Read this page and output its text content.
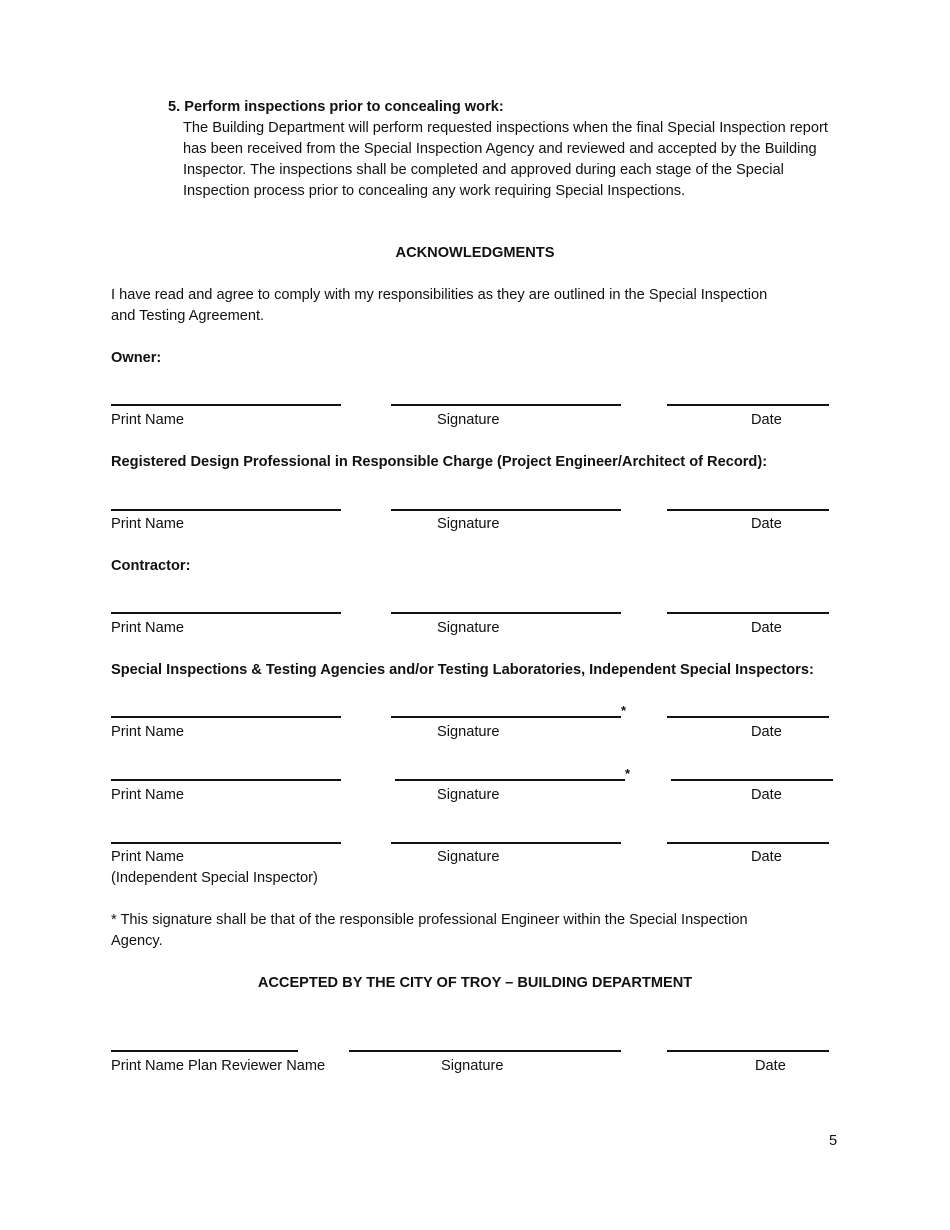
5. Perform inspections prior to concealing work:
The Building Department will perform requested inspections when the final Special Inspection report has been received from the Special Inspection Agency and reviewed and accepted by the Building Inspector. The inspections shall be completed and approved during each stage of the Special Inspection process prior to concealing any work requiring Special Inspections.
ACKNOWLEDGMENTS
I have read and agree to comply with my responsibilities as they are outlined in the Special Inspection
and Testing Agreement.
Owner:
Print Name	Signature	Date
Registered Design Professional in Responsible Charge (Project Engineer/Architect of Record):
Print Name	Signature	Date
Contractor:
Print Name	Signature	Date
Special Inspections & Testing Agencies and/or Testing Laboratories, Independent Special Inspectors:
*
Print Name	Signature	Date
*
Print Name	Signature	Date
Print Name	Signature	Date
(Independent Special Inspector)
* This signature shall be that of the responsible professional Engineer within the Special Inspection
Agency.
ACCEPTED BY THE CITY OF TROY – BUILDING DEPARTMENT
Print Name Plan Reviewer Name	Signature	Date
5
